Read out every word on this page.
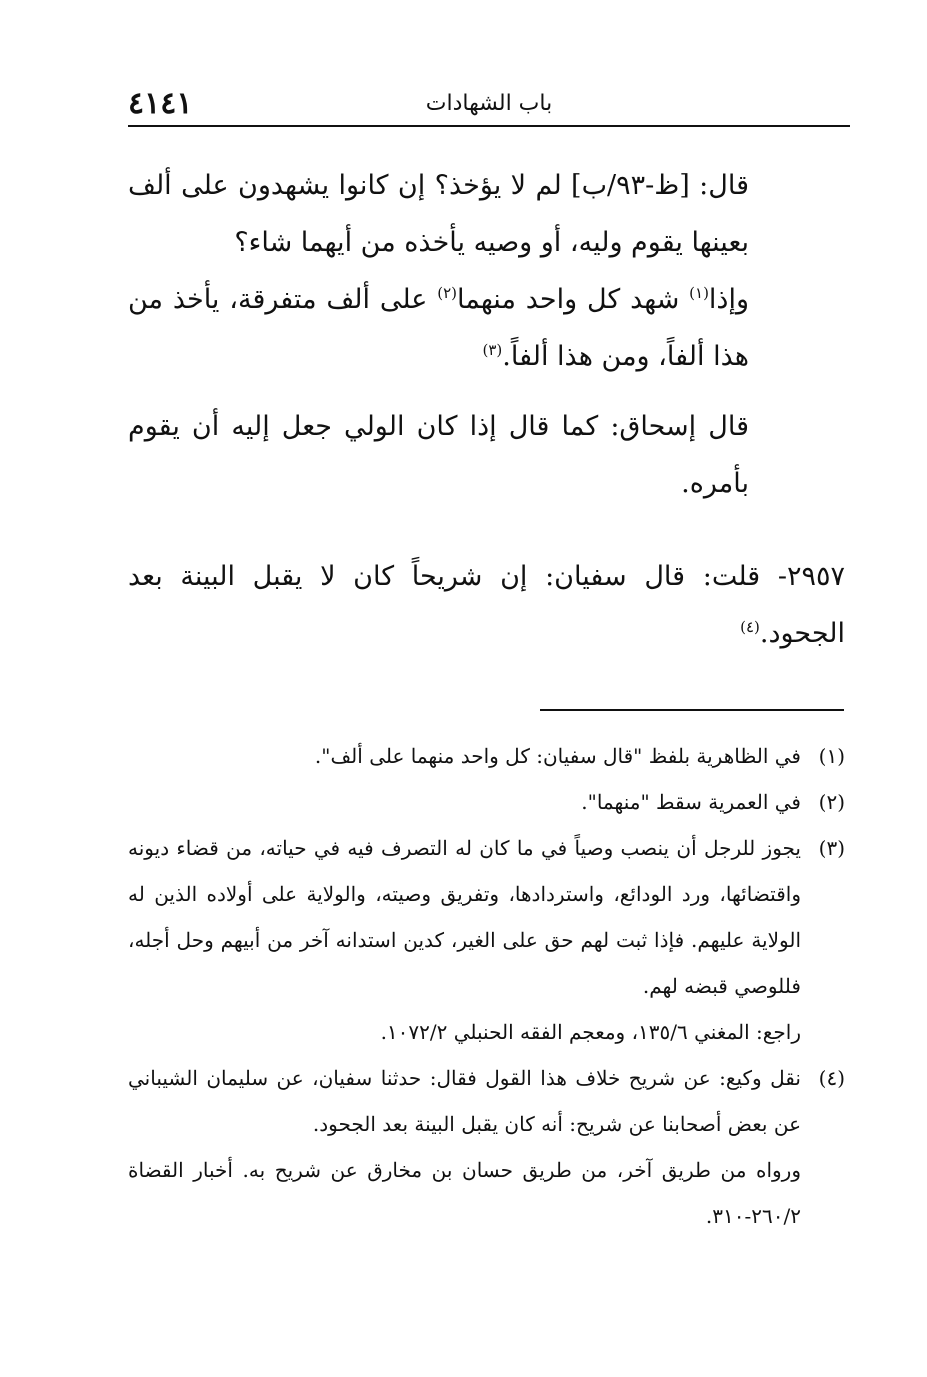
باب الشهادات
٤١٤١
قال: [ظ-٩٣/ب] لم لا يؤخذ؟ إن كانوا يشهدون على ألف بعينها يقوم وليه، أو وصيه يأخذه من أيهما شاء؟
وإذا$^{(١)}$ شهد كل واحد منهما$^{(٢)}$ على ألف متفرقة، يأخذ من هذا ألفاً، ومن هذا ألفاً.$^{(٣)}$
قال إسحاق: كما قال إذا كان الولي جعل إليه أن يقوم بأمره.
٢٩٥٧- قلت: قال سفيان: إن شريحاً كان لا يقبل البينة بعد الجحود.$^{(٤)}$
(١)
في الظاهرية بلفظ "قال سفيان: كل واحد منهما على ألف".
(٢)
في العمرية سقط "منهما".
(٣)
يجوز للرجل أن ينصب وصياً في ما كان له التصرف فيه في حياته، من قضاء ديونه واقتضائها، ورد الودائع، واستردادها، وتفريق وصيته، والولاية على أولاده الذين له الولاية عليهم. فإذا ثبت لهم حق على الغير، كدين استدانه آخر من أبيهم وحل أجله، فللوصي قبضه لهم.
راجع: المغني ١٣٥/٦، ومعجم الفقه الحنبلي ١٠٧٢/٢.
(٤)
نقل وكيع: عن شريح خلاف هذا القول فقال: حدثنا سفيان، عن سليمان الشيباني عن بعض أصحابنا عن شريح: أنه كان يقبل البينة بعد الجحود.
ورواه من طريق آخر، من طريق حسان بن مخارق عن شريح به. أخبار القضاة ٢٦٠/٢-٣١٠.
